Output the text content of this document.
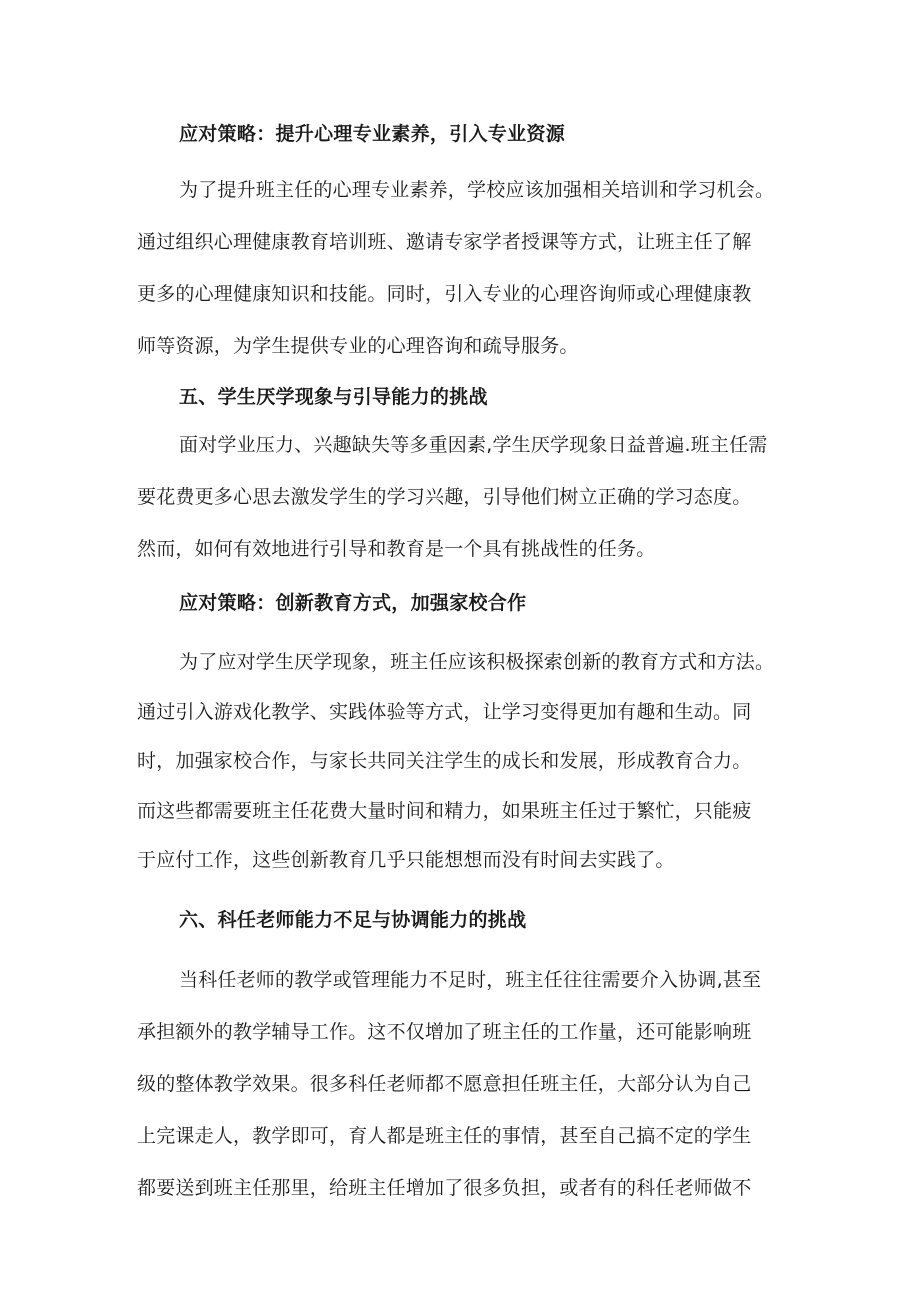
应对策略：提升心理专业素养，引入专业资源
为了提升班主任的心理专业素养，学校应该加强相关培训和学习机会。
通过组织心理健康教育培训班、邀请专家学者授课等方式，让班主任了解
更多的心理健康知识和技能。同时，引入专业的心理咨询师或心理健康教
师等资源，为学生提供专业的心理咨询和疏导服务。
五、学生厌学现象与引导能力的挑战
面对学业压力、兴趣缺失等多重因素,学生厌学现象日益普遍.班主任需
要花费更多心思去激发学生的学习兴趣，引导他们树立正确的学习态度。
然而，如何有效地进行引导和教育是一个具有挑战性的任务。
应对策略：创新教育方式，加强家校合作
为了应对学生厌学现象，班主任应该积极探索创新的教育方式和方法。
通过引入游戏化教学、实践体验等方式，让学习变得更加有趣和生动。同
时，加强家校合作，与家长共同关注学生的成长和发展，形成教育合力。
而这些都需要班主任花费大量时间和精力，如果班主任过于繁忙，只能疲
于应付工作，这些创新教育几乎只能想想而没有时间去实践了。
六、科任老师能力不足与协调能力的挑战
当科任老师的教学或管理能力不足时，班主任往往需要介入协调,甚至
承担额外的教学辅导工作。这不仅增加了班主任的工作量，还可能影响班
级的整体教学效果。很多科任老师都不愿意担任班主任，大部分认为自己
上完课走人，教学即可，育人都是班主任的事情，甚至自己搞不定的学生
都要送到班主任那里，给班主任增加了很多负担，或者有的科任老师做不
